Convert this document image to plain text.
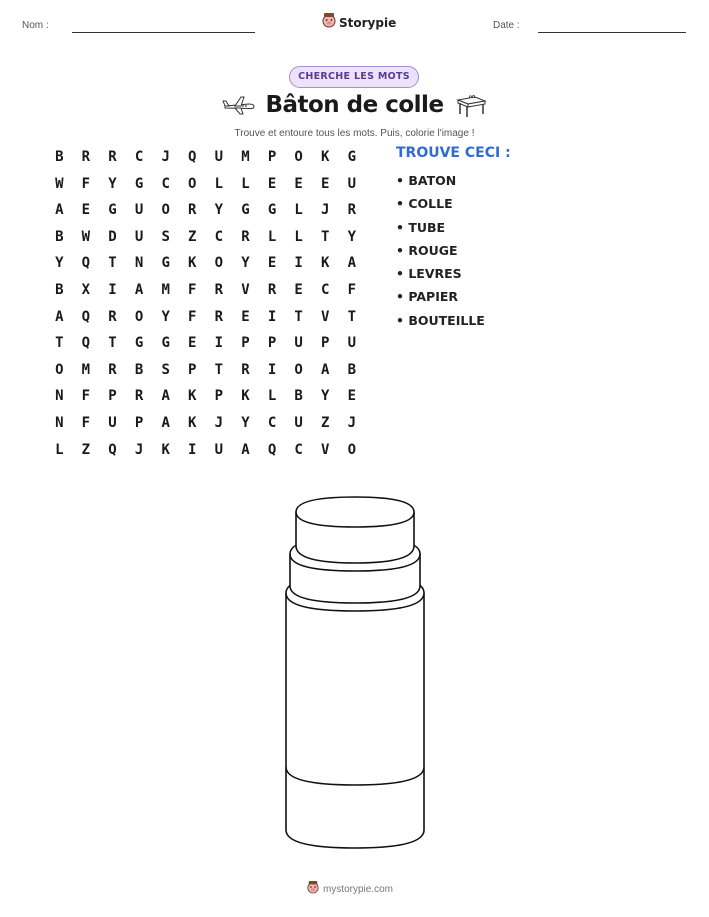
Nom :	Storypie	Date :
CHERCHE LES MOTS
Bâton de colle
Trouve et entoure tous les mots. Puis, colorie l'image !
B	R	R	C	J	Q	U	M	P	O	K	G
W	F	Y	G	C	O	L	L	E	E	E	U
A	E	G	U	O	R	Y	G	G	L	J	R
B	W	D	U	S	Z	C	R	L	L	T	Y
Y	Q	T	N	G	K	O	Y	E	I	K	A
B	X	I	A	M	F	R	V	R	E	C	F
A	Q	R	O	Y	F	R	E	I	T	V	T
T	Q	T	G	G	E	I	P	P	U	P	U
O	M	R	B	S	P	T	R	I	O	A	B
N	F	P	R	A	K	P	K	L	B	Y	E
N	F	U	P	A	K	J	Y	C	U	Z	J
L	Z	Q	J	K	I	U	A	Q	C	V	O
TROUVE CECI :
• BATON
• COLLE
• TUBE
• ROUGE
• LEVRES
• PAPIER
• BOUTEILLE
mystorypie.com
